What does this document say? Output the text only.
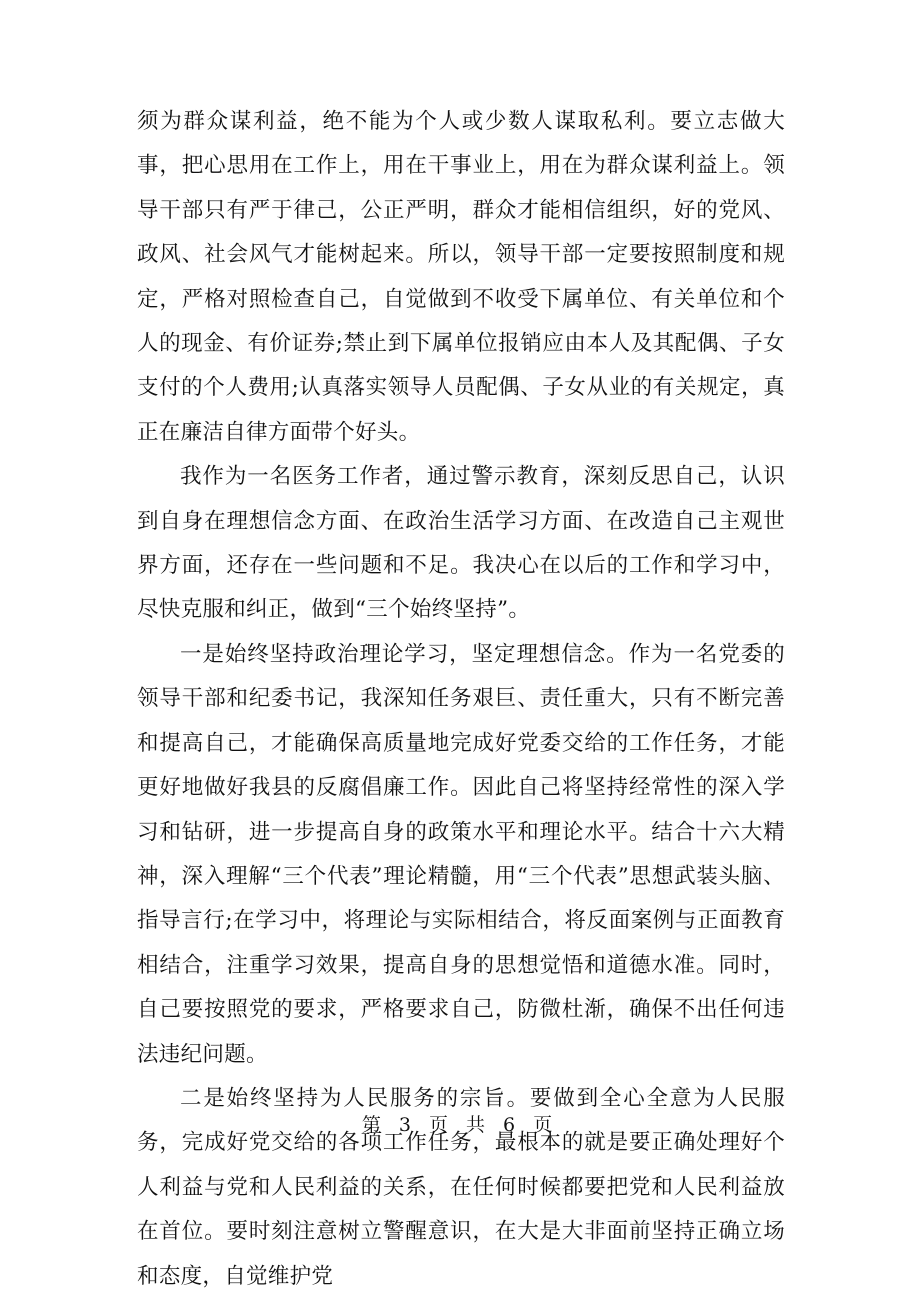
须为群众谋利益，绝不能为个人或少数人谋取私利。要立志做大事，把心思用在工作上，用在干事业上，用在为群众谋利益上。领导干部只有严于律己，公正严明，群众才能相信组织，好的党风、政风、社会风气才能树起来。所以，领导干部一定要按照制度和规定，严格对照检查自己，自觉做到不收受下属单位、有关单位和个人的现金、有价证券;禁止到下属单位报销应由本人及其配偶、子女支付的个人费用;认真落实领导人员配偶、子女从业的有关规定，真正在廉洁自律方面带个好头。

我作为一名医务工作者，通过警示教育，深刻反思自己，认识到自身在理想信念方面、在政治生活学习方面、在改造自己主观世界方面，还存在一些问题和不足。我决心在以后的工作和学习中，尽快克服和纠正，做到“三个始终坚持”。

一是始终坚持政治理论学习，坚定理想信念。作为一名党委的领导干部和纪委书记，我深知任务艰巨、责任重大，只有不断完善和提高自己，才能确保高质量地完成好党委交给的工作任务，才能更好地做好我县的反腐倡廉工作。因此自己将坚持经常性的深入学习和钻研，进一步提高自身的政策水平和理论水平。结合十六大精神，深入理解“三个代表”理论精髓，用“三个代表”思想武装头脑、指导言行;在学习中，将理论与实际相结合，将反面案例与正面教育相结合，注重学习效果，提高自身的思想觉悟和道德水准。同时，自己要按照党的要求，严格要求自己，防微杜渐，确保不出任何违法违纪问题。

二是始终坚持为人民服务的宗旨。要做到全心全意为人民服务，完成好党交给的各项工作任务，最根本的就是要正确处理好个人利益与党和人民利益的关系，在任何时候都要把党和人民利益放在首位。要时刻注意树立警醒意识，在大是大非面前坚持正确立场和态度，自觉维护党

第 3 页 共 6 页
